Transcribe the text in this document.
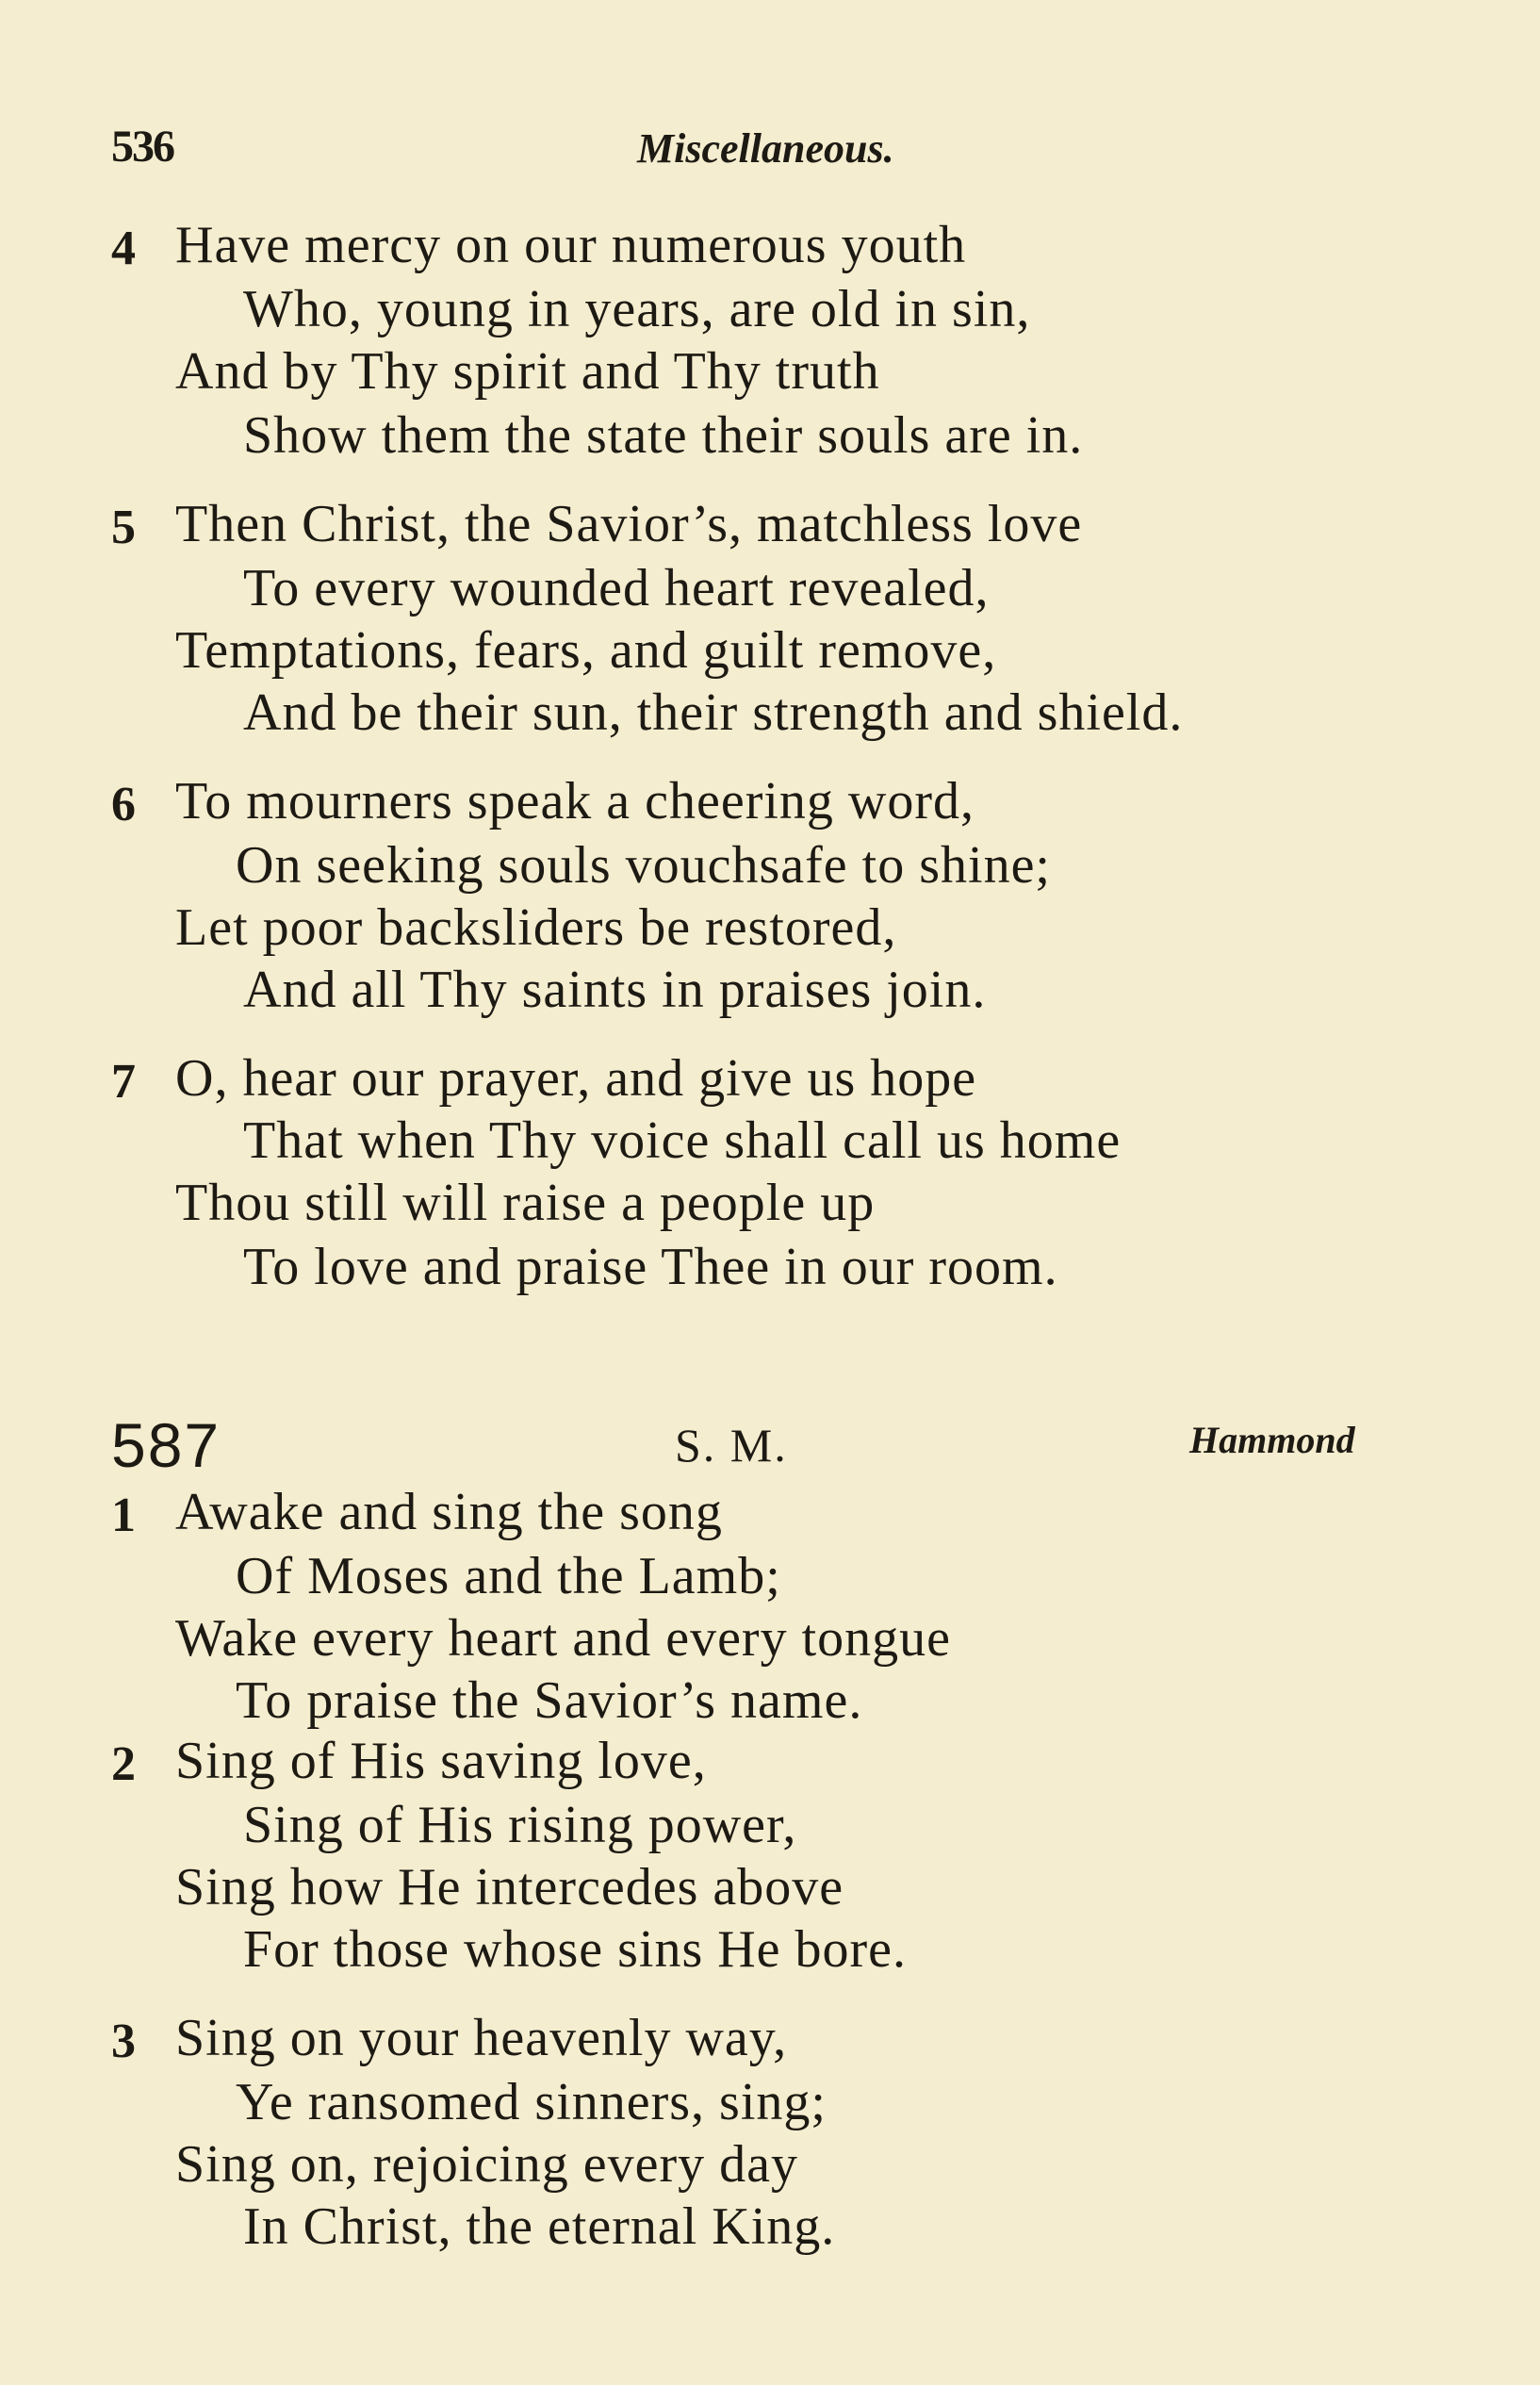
536	Miscellaneous.
4 Have mercy on our numerous youth
Who, young in years, are old in sin,
And by Thy spirit and Thy truth
Show them the state their souls are in.
5 Then Christ, the Savior’s, matchless love
To every wounded heart revealed,
Temptations, fears, and guilt remove,
And be their sun, their strength and shield.
6 To mourners speak a cheering word,
On seeking souls vouchsafe to shine;
Let poor backsliders be restored,
And all Thy saints in praises join.
7 O, hear our prayer, and give us hope
That when Thy voice shall call us home
Thou still will raise a people up
To love and praise Thee in our room.
587	S. M.	Hammond
1 Awake and sing the song
Of Moses and the Lamb;
Wake every heart and every tongue
To praise the Savior’s name.
2 Sing of His saving love,
Sing of His rising power,
Sing how He intercedes above
For those whose sins He bore.
3 Sing on your heavenly way,
Ye ransomed sinners, sing;
Sing on, rejoicing every day
In Christ, the eternal King.
